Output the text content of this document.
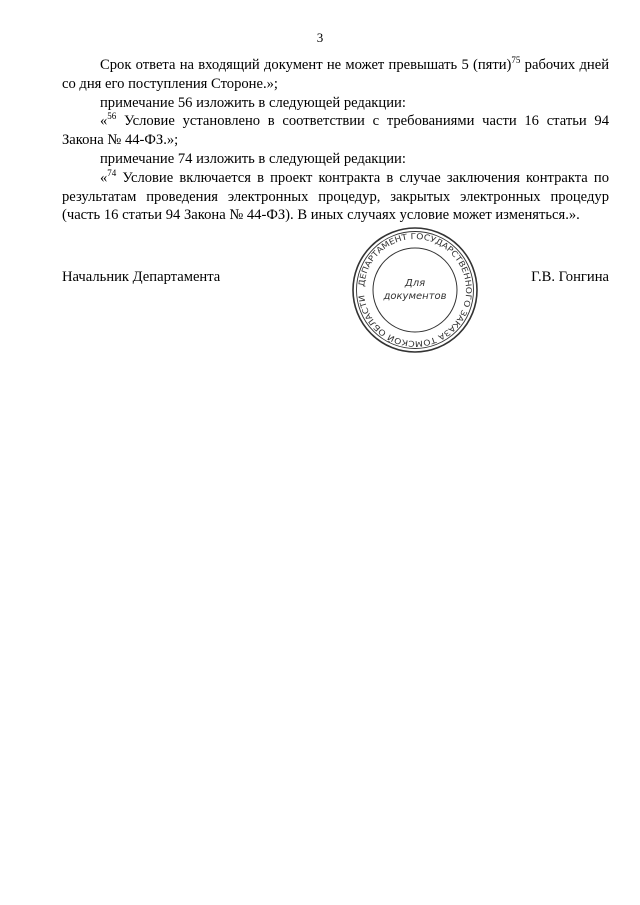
3

Срок ответа на входящий документ не может превышать 5 (пяти)$^{75}$ рабочих дней со дня его поступления Стороне.»;

примечание 56 изложить в следующей редакции:

«$^{56}$ Условие установлено в соответствии с требованиями части 16 статьи 94 Закона № 44-ФЗ.»;

примечание 74 изложить в следующей редакции:

«$^{74}$ Условие включается в проект контракта в случае заключения контракта по результатам проведения электронных процедур, закрытых электронных процедур (часть 16 статьи 94 Закона № 44-ФЗ). В иных случаях условие может изменяться.».

Начальник Департамента	ДЕПАРТАМЕНТ ГОСУДАРСТВЕННОГО ЗАКАЗА ТОМСКОЙ ОБЛАСТИ
Для
документов
Г.В. Гонгина
